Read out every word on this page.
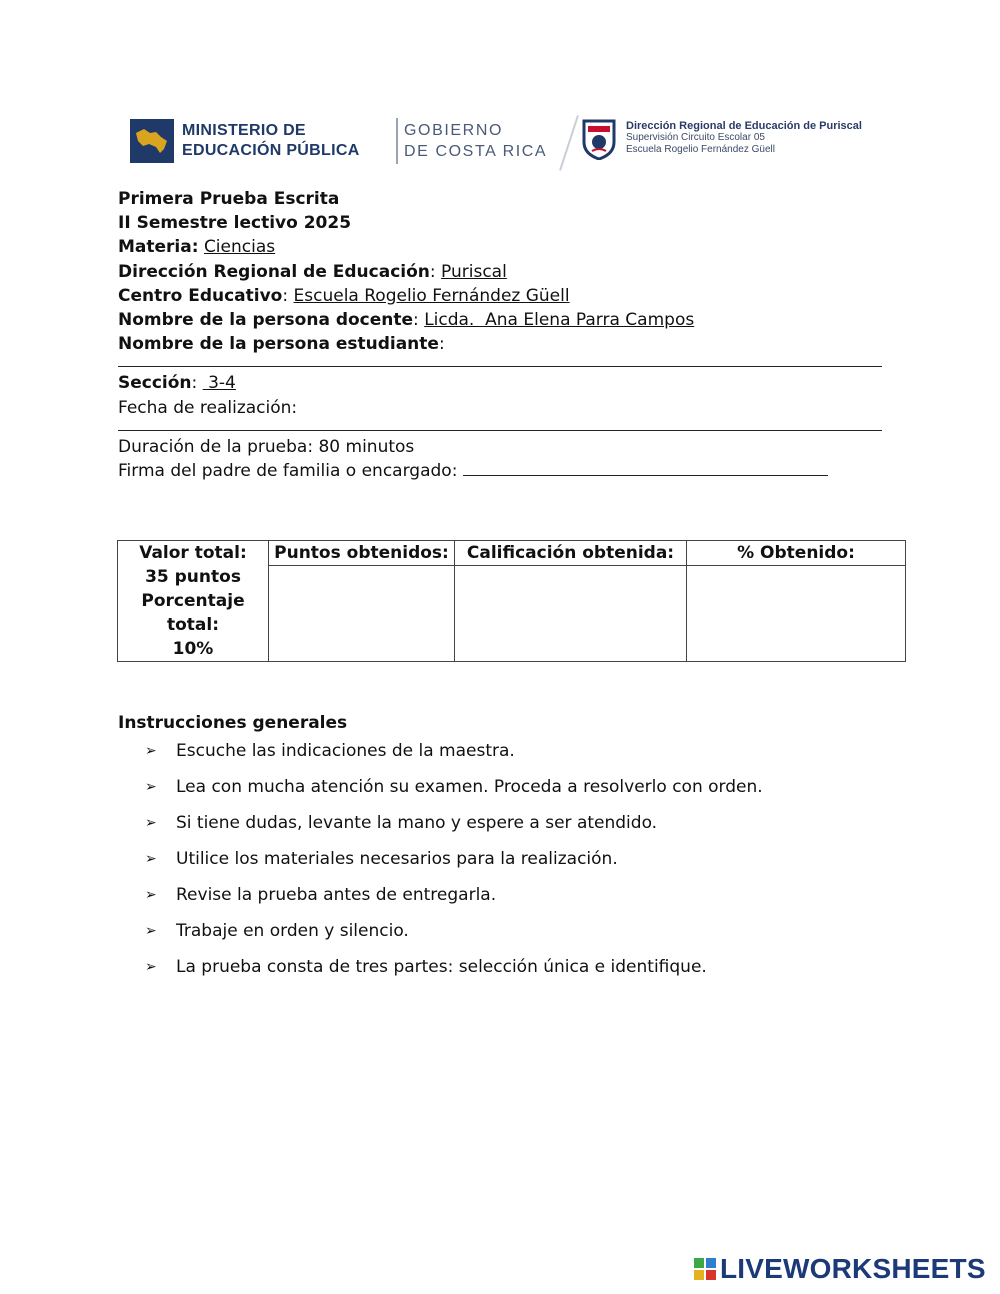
MINISTERIO DE
EDUCACIÓN PÚBLICA
GOBIERNO
DE COSTA RICA
Dirección Regional de Educación de Puriscal
Supervisión Circuito Escolar 05
Escuela Rogelio Fernández Güell
Primera Prueba Escrita
II Semestre lectivo 2025
Materia: Ciencias
Dirección Regional de Educación: Puriscal
Centro Educativo: Escuela Rogelio Fernández Güell
Nombre de la persona docente: Licda.  Ana Elena Parra Campos
Nombre de la persona estudiante:
Sección:  3-4
Fecha de realización:
Duración de la prueba: 80 minutos
Firma del padre de familia o encargado:
Valor total:
35 puntos
Porcentaje
total:
10%	Puntos obtenidos:	Calificación obtenida:	% Obtenido:

Instrucciones generales
➢	Escuche las indicaciones de la maestra.
➢	Lea con mucha atención su examen. Proceda a resolverlo con orden.
➢	Si tiene dudas, levante la mano y espere a ser atendido.
➢	Utilice los materiales necesarios para la realización.
➢	Revise la prueba antes de entregarla.
➢	Trabaje en orden y silencio.
➢	La prueba consta de tres partes: selección única e identifique.
LIVEWORKSHEETS
